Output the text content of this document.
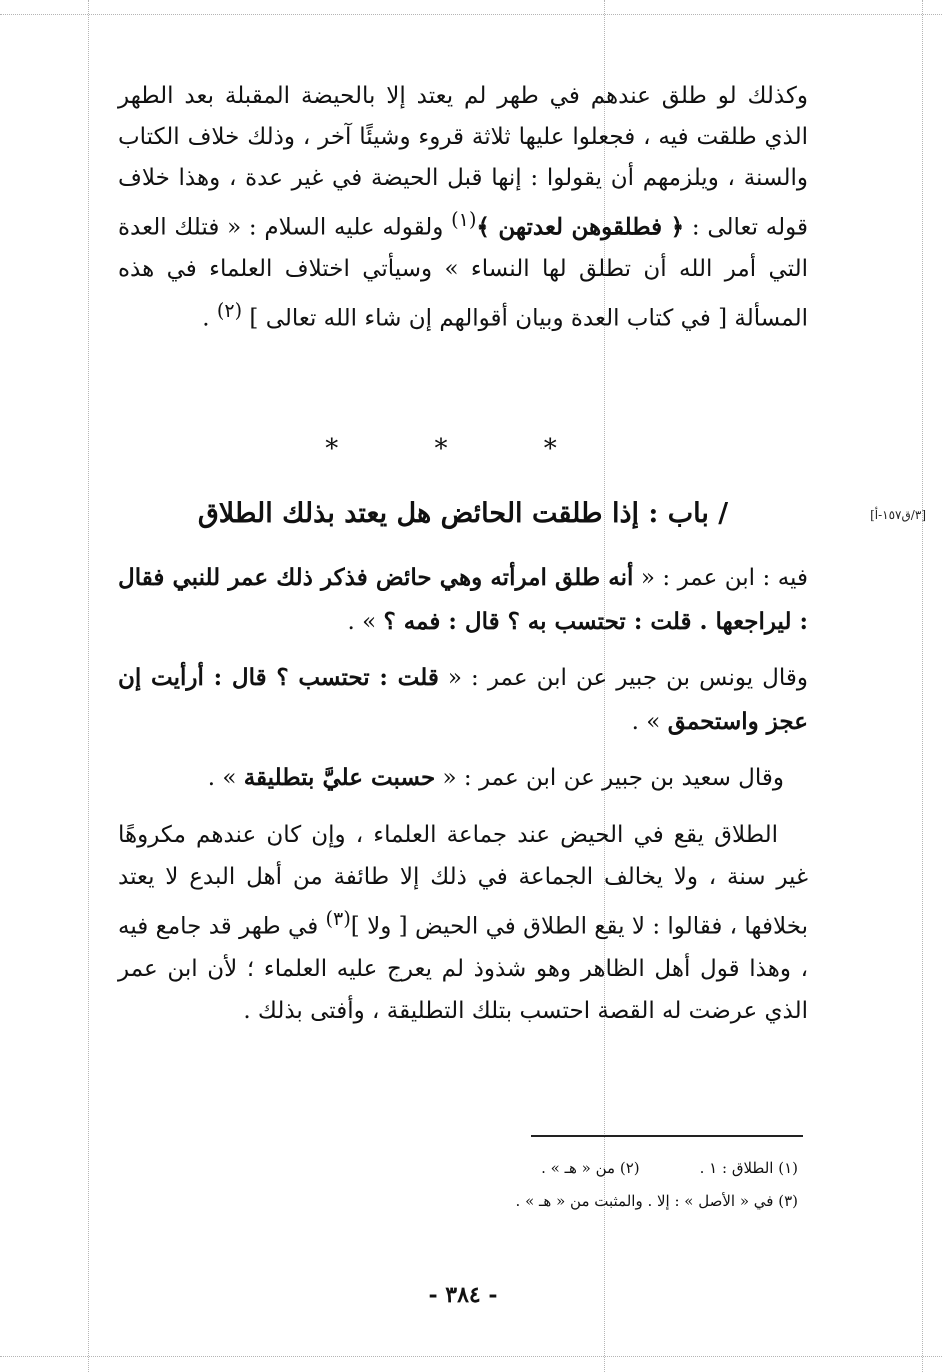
وكذلك لو طلق عندهم في طهر لم يعتد إلا بالحيضة المقبلة بعد الطهر الذي طلقت فيه ، فجعلوا عليها ثلاثة قروء وشيئًا آخر ، وذلك خلاف الكتاب والسنة ، ويلزمهم أن يقولوا : إنها قبل الحيضة في غير عدة ، وهذا خلاف قوله تعالى : ﴿ فطلقوهن لعدتهن ﴾$^{(١)}$ ولقوله عليه السلام : « فتلك العدة التي أمر الله أن تطلق لها النساء » وسيأتي اختلاف العلماء في هذه المسألة [ في كتاب العدة وبيان أقوالهم إن شاء الله تعالى ] $^{(٢)}$ .

* * *
[٣/ق١٥٧-أ]
/ باب : إذا طلقت الحائض هل يعتد بذلك الطلاق

فيه : ابن عمر : « أنه طلق امرأته وهي حائض فذكر ذلك عمر للنبي فقال : ليراجعها . قلت : تحتسب به ؟ قال : فمه ؟ » .

وقال يونس بن جبير عن ابن عمر : « قلت : تحتسب ؟ قال : أرأيت إن عجز واستحمق » .

وقال سعيد بن جبير عن ابن عمر : « حسبت عليَّ بتطليقة » .

الطلاق يقع في الحيض عند جماعة العلماء ، وإن كان عندهم مكروهًا غير سنة ، ولا يخالف الجماعة في ذلك إلا طائفة من أهل البدع لا يعتد بخلافها ، فقالوا : لا يقع الطلاق في الحيض [ ولا ]$^{(٣)}$ في طهر قد جامع فيه ، وهذا قول أهل الظاهر وهو شذوذ لم يعرج عليه العلماء ؛ لأن ابن عمر الذي عرضت له القصة احتسب بتلك التطليقة ، وأفتى بذلك .

(١) الطلاق : ١ .
(٢) من « هـ » .
(٣) في « الأصل » : إلا . والمثبت من « هـ » .
- ٣٨٤ -
